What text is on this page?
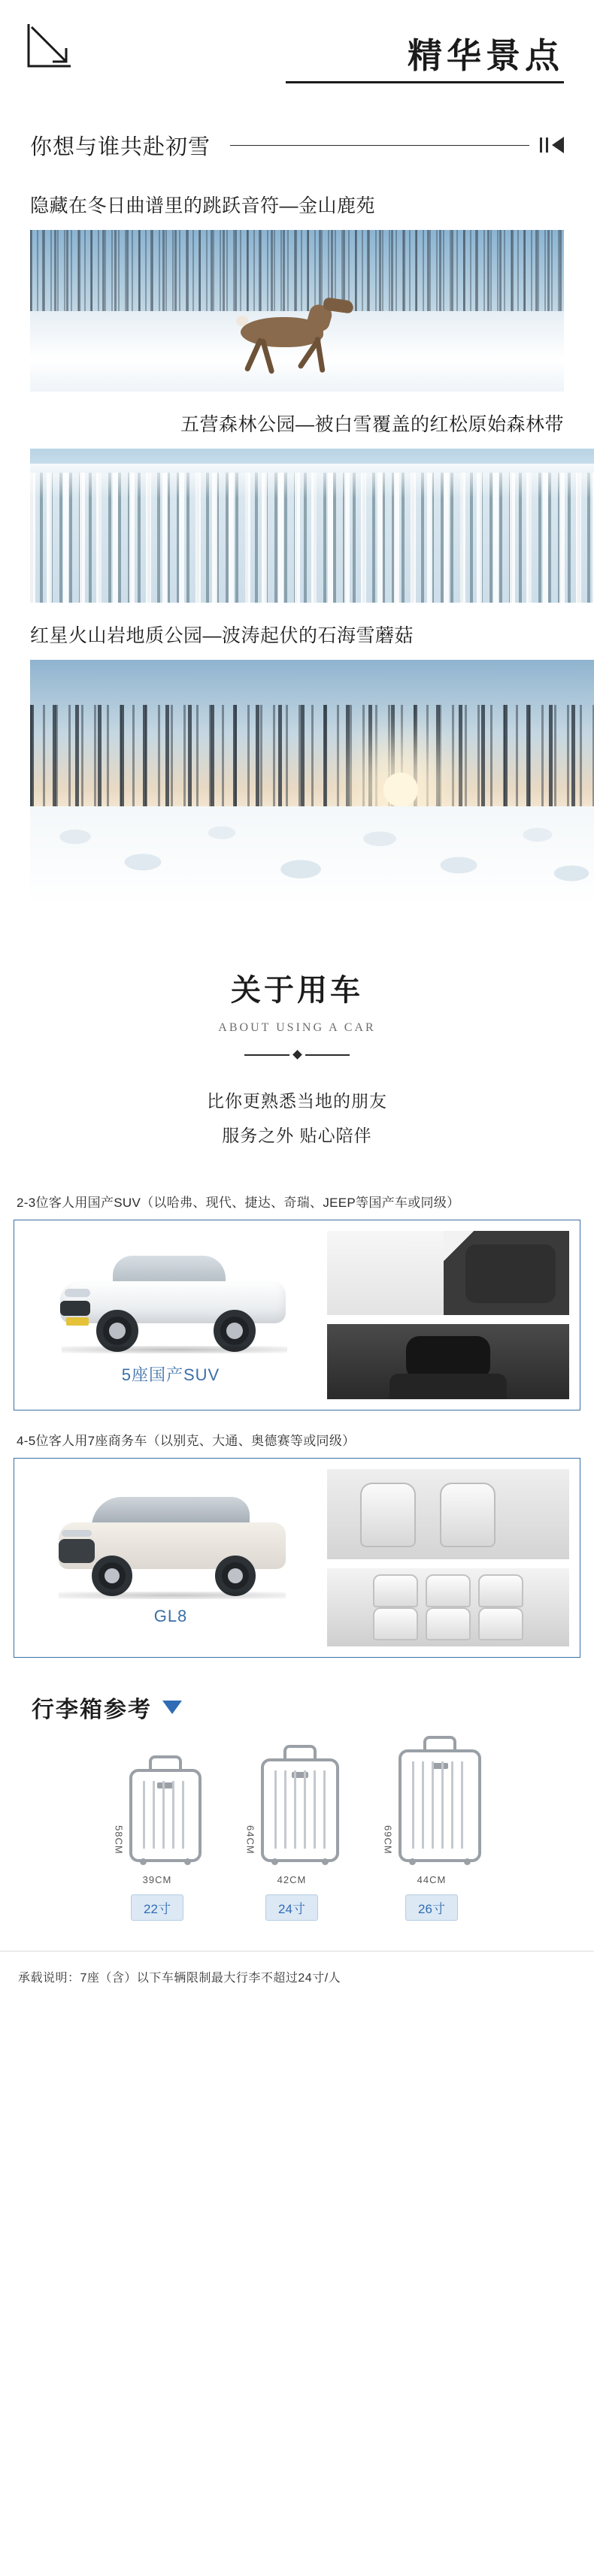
精华景点
你想与谁共赴初雪
隐藏在冬日曲谱里的跳跃音符—金山鹿苑
五营森林公园—被白雪覆盖的红松原始森林带
红星火山岩地质公园—波涛起伏的石海雪蘑菇
关于用车
ABOUT USING A CAR
比你更熟悉当地的朋友
服务之外 贴心陪伴
2-3位客人用国产SUV（以哈弗、现代、捷达、奇瑞、JEEP等国产车或同级）
5座国产SUV
4-5位客人用7座商务车（以别克、大通、奥德赛等或同级）
GL8
行李箱参考
58CM
39CM
22寸
64CM
42CM
24寸
69CM
44CM
26寸
承载说明：7座（含）以下车辆限制最大行李不超过24寸/人
